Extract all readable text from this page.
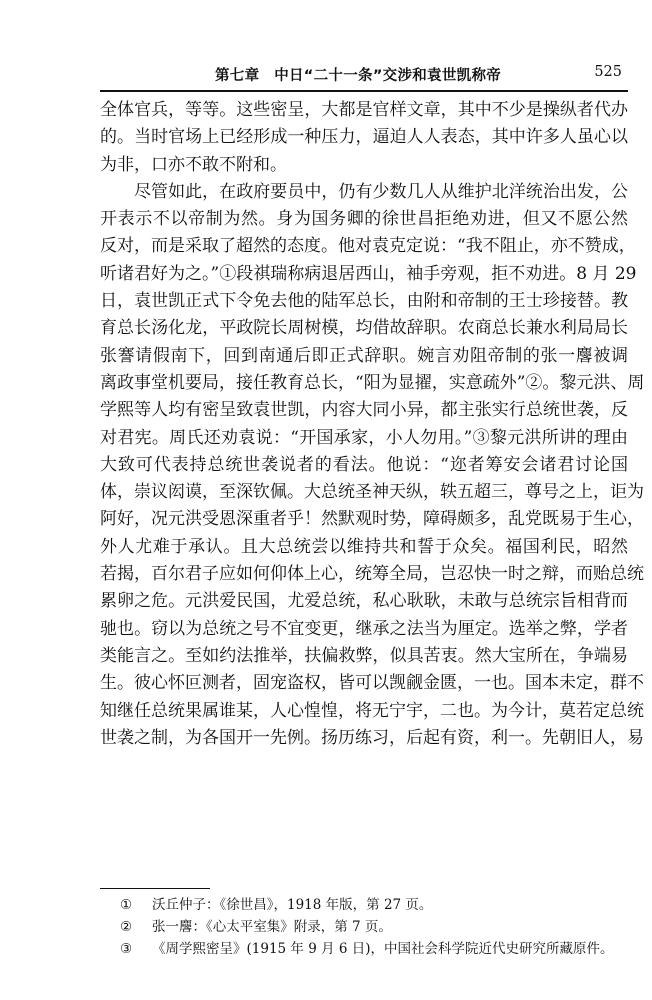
第七章　中日“二十一条”交涉和袁世凯称帝	525
全体官兵，等等。这些密呈，大都是官样文章，其中不少是操纵者代办
的。当时官场上已经形成一种压力，逼迫人人表态，其中许多人虽心以
为非，口亦不敢不附和。
尽管如此，在政府要员中，仍有少数几人从维护北洋统治出发，公
开表示不以帝制为然。身为国务卿的徐世昌拒绝劝进，但又不愿公然
反对，而是采取了超然的态度。他对袁克定说：“我不阻止，亦不赞成，
听诸君好为之。”①段祺瑞称病退居西山，袖手旁观，拒不劝进。8 月 29
日，袁世凯正式下令免去他的陆军总长，由附和帝制的王士珍接替。教
育总长汤化龙，平政院长周树模，均借故辞职。农商总长兼水利局局长
张謇请假南下，回到南通后即正式辞职。婉言劝阻帝制的张一麐被调
离政事堂机要局，接任教育总长，“阳为显擢，实意疏外”②。黎元洪、周
学熙等人均有密呈致袁世凯，内容大同小异，都主张实行总统世袭，反
对君宪。周氏还劝袁说：“开国承家，小人勿用。”③黎元洪所讲的理由
大致可代表持总统世袭说者的看法。他说：“迩者筹安会诸君讨论国
体，崇议闳谟，至深钦佩。大总统圣神天纵，轶五超三，尊号之上，讵为
阿好，况元洪受恩深重者乎！然默观时势，障碍颇多，乱党既易于生心，
外人尤难于承认。且大总统尝以维持共和誓于众矣。福国利民，昭然
若揭，百尔君子应如何仰体上心，统筹全局，岂忍快一时之辩，而贻总统
累卵之危。元洪爱民国，尤爱总统，私心耿耿，未敢与总统宗旨相背而
驰也。窃以为总统之号不宜变更，继承之法当为厘定。选举之弊，学者
类能言之。至如约法推举，扶偏救弊，似具苦衷。然大宝所在，争端易
生。彼心怀叵测者，固宠盗权，皆可以觊觎金匮，一也。国本未定，群不
知继任总统果属谁某，人心惶惶，将无宁宇，二也。为今计，莫若定总统
世袭之制，为各国开一先例。扬历练习，后起有资，利一。先朝旧人，易
① 沃丘仲子：《徐世昌》，1918 年版，第 27 页。
② 张一麐：《心太平室集》附录，第 7 页。
③ 《周学熙密呈》(1915 年 9 月 6 日)，中国社会科学院近代史研究所藏原件。
